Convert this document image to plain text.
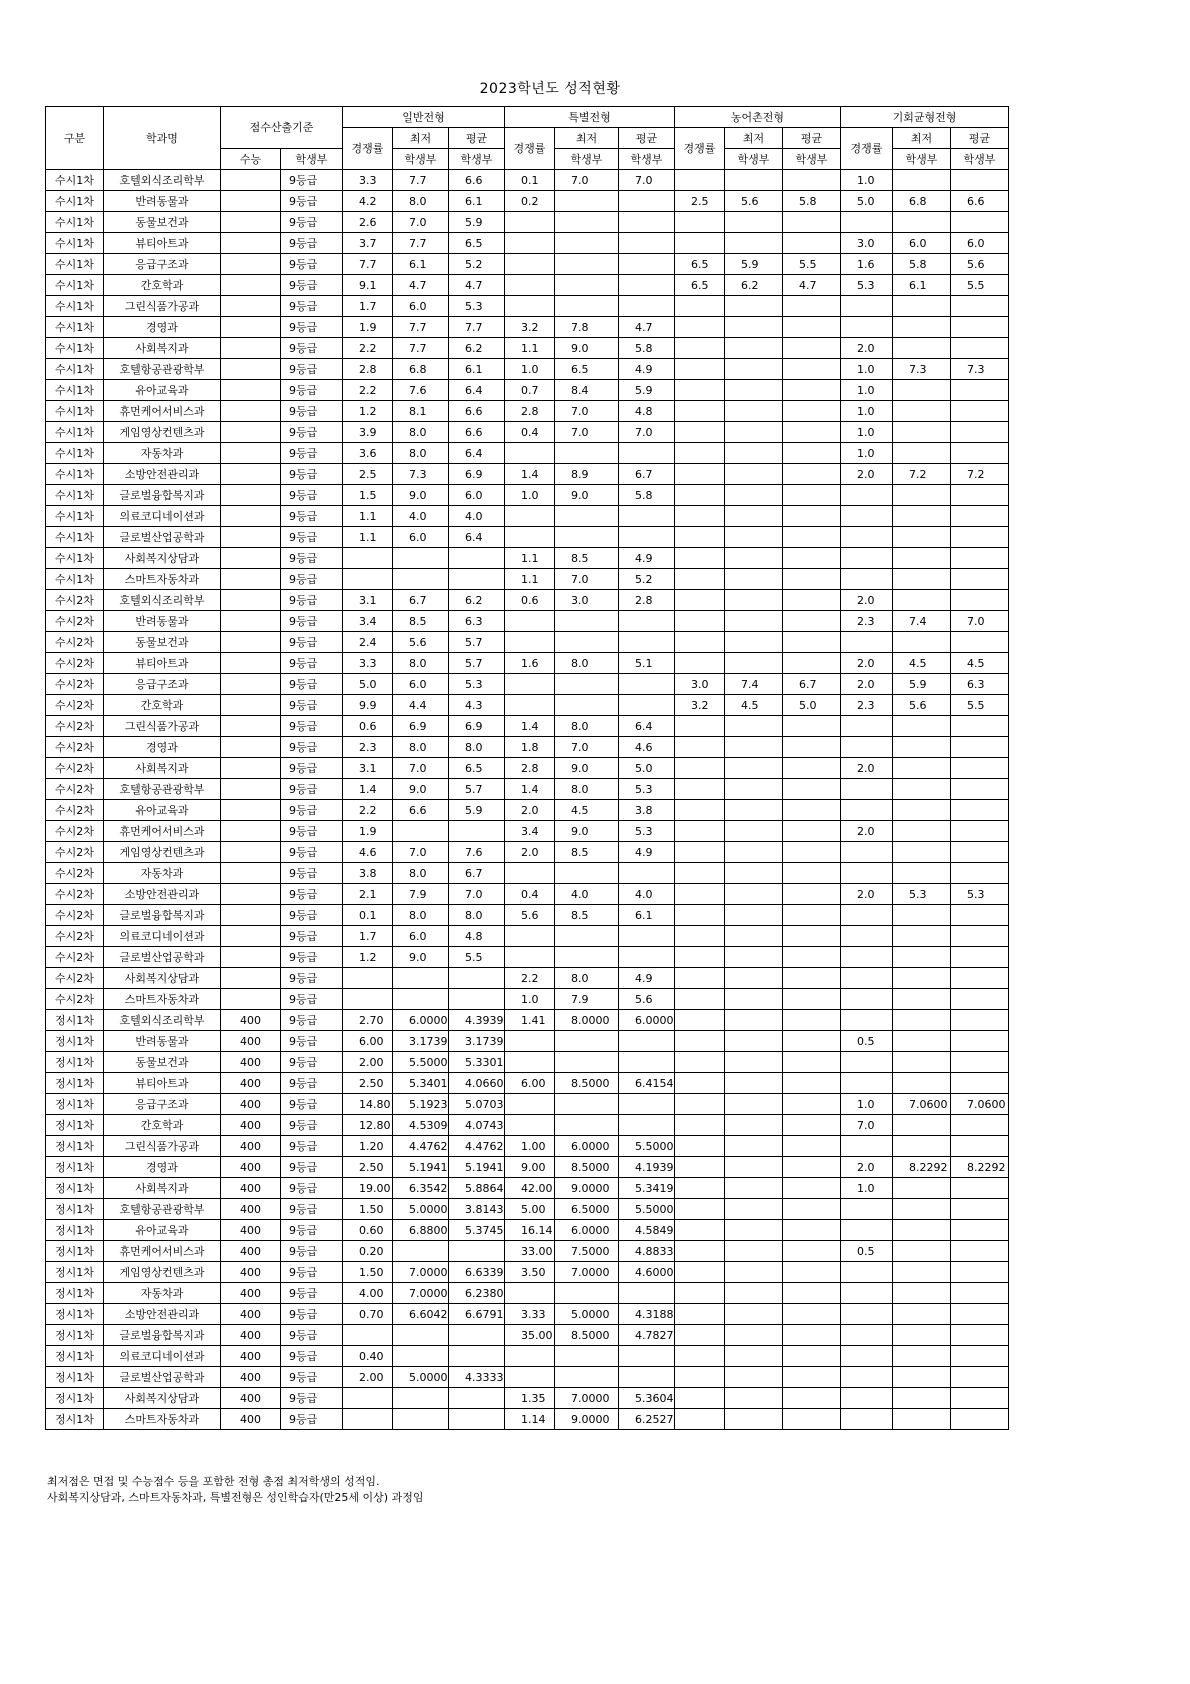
2023학년도 성적현황
구분	학과명	점수산출기준		일반전형			특별전형			농어촌전형			기회균형전형		
				경쟁률	최저	평균	경쟁률	최저	평균	경쟁률	최저	평균	경쟁률	최저	평균
		수능	학생부		학생부	학생부		학생부	학생부		학생부	학생부		학생부	학생부
수시1차	호텔외식조리학부		9등급	3.3	7.7	6.6	0.1	7.0	7.0				1.0		
수시1차	반려동물과		9등급	4.2	8.0	6.1	0.2			2.5	5.6	5.8	5.0	6.8	6.6
수시1차	동물보건과		9등급	2.6	7.0	5.9									
수시1차	뷰티아트과		9등급	3.7	7.7	6.5							3.0	6.0	6.0
수시1차	응급구조과		9등급	7.7	6.1	5.2				6.5	5.9	5.5	1.6	5.8	5.6
수시1차	간호학과		9등급	9.1	4.7	4.7				6.5	6.2	4.7	5.3	6.1	5.5
수시1차	그린식품가공과		9등급	1.7	6.0	5.3									
수시1차	경영과		9등급	1.9	7.7	7.7	3.2	7.8	4.7						
수시1차	사회복지과		9등급	2.2	7.7	6.2	1.1	9.0	5.8				2.0		
수시1차	호텔항공관광학부		9등급	2.8	6.8	6.1	1.0	6.5	4.9				1.0	7.3	7.3
수시1차	유아교육과		9등급	2.2	7.6	6.4	0.7	8.4	5.9				1.0		
수시1차	휴먼케어서비스과		9등급	1.2	8.1	6.6	2.8	7.0	4.8				1.0		
수시1차	게임영상컨텐츠과		9등급	3.9	8.0	6.6	0.4	7.0	7.0				1.0		
수시1차	자동차과		9등급	3.6	8.0	6.4							1.0		
수시1차	소방안전관리과		9등급	2.5	7.3	6.9	1.4	8.9	6.7				2.0	7.2	7.2
수시1차	글로벌융합복지과		9등급	1.5	9.0	6.0	1.0	9.0	5.8						
수시1차	의료코디네이션과		9등급	1.1	4.0	4.0									
수시1차	글로벌산업공학과		9등급	1.1	6.0	6.4									
수시1차	사회복지상담과		9등급				1.1	8.5	4.9						
수시1차	스마트자동차과		9등급				1.1	7.0	5.2						
수시2차	호텔외식조리학부		9등급	3.1	6.7	6.2	0.6	3.0	2.8				2.0		
수시2차	반려동물과		9등급	3.4	8.5	6.3							2.3	7.4	7.0
수시2차	동물보건과		9등급	2.4	5.6	5.7									
수시2차	뷰티아트과		9등급	3.3	8.0	5.7	1.6	8.0	5.1				2.0	4.5	4.5
수시2차	응급구조과		9등급	5.0	6.0	5.3				3.0	7.4	6.7	2.0	5.9	6.3
수시2차	간호학과		9등급	9.9	4.4	4.3				3.2	4.5	5.0	2.3	5.6	5.5
수시2차	그린식품가공과		9등급	0.6	6.9	6.9	1.4	8.0	6.4						
수시2차	경영과		9등급	2.3	8.0	8.0	1.8	7.0	4.6						
수시2차	사회복지과		9등급	3.1	7.0	6.5	2.8	9.0	5.0				2.0		
수시2차	호텔항공관광학부		9등급	1.4	9.0	5.7	1.4	8.0	5.3						
수시2차	유아교육과		9등급	2.2	6.6	5.9	2.0	4.5	3.8						
수시2차	휴먼케어서비스과		9등급	1.9			3.4	9.0	5.3				2.0		
수시2차	게임영상컨텐츠과		9등급	4.6	7.0	7.6	2.0	8.5	4.9						
수시2차	자동차과		9등급	3.8	8.0	6.7									
수시2차	소방안전관리과		9등급	2.1	7.9	7.0	0.4	4.0	4.0				2.0	5.3	5.3
수시2차	글로벌융합복지과		9등급	0.1	8.0	8.0	5.6	8.5	6.1						
수시2차	의료코디네이션과		9등급	1.7	6.0	4.8									
수시2차	글로벌산업공학과		9등급	1.2	9.0	5.5									
수시2차	사회복지상담과		9등급				2.2	8.0	4.9						
수시2차	스마트자동차과		9등급				1.0	7.9	5.6						
정시1차	호텔외식조리학부	400	9등급	2.70	6.0000	4.3939	1.41	8.0000	6.0000						
정시1차	반려동물과	400	9등급	6.00	3.1739	3.1739							0.5		
정시1차	동물보건과	400	9등급	2.00	5.5000	5.3301									
정시1차	뷰티아트과	400	9등급	2.50	5.3401	4.0660	6.00	8.5000	6.4154						
정시1차	응급구조과	400	9등급	14.80	5.1923	5.0703							1.0	7.0600	7.0600
정시1차	간호학과	400	9등급	12.80	4.5309	4.0743							7.0		
정시1차	그린식품가공과	400	9등급	1.20	4.4762	4.4762	1.00	6.0000	5.5000						
정시1차	경영과	400	9등급	2.50	5.1941	5.1941	9.00	8.5000	4.1939				2.0	8.2292	8.2292
정시1차	사회복지과	400	9등급	19.00	6.3542	5.8864	42.00	9.0000	5.3419				1.0		
정시1차	호텔항공관광학부	400	9등급	1.50	5.0000	3.8143	5.00	6.5000	5.5000						
정시1차	유아교육과	400	9등급	0.60	6.8800	5.3745	16.14	6.0000	4.5849						
정시1차	휴먼케어서비스과	400	9등급	0.20			33.00	7.5000	4.8833				0.5		
정시1차	게임영상컨텐츠과	400	9등급	1.50	7.0000	6.6339	3.50	7.0000	4.6000						
정시1차	자동차과	400	9등급	4.00	7.0000	6.2380									
정시1차	소방안전관리과	400	9등급	0.70	6.6042	6.6791	3.33	5.0000	4.3188						
정시1차	글로벌융합복지과	400	9등급				35.00	8.5000	4.7827						
정시1차	의료코디네이션과	400	9등급	0.40											
정시1차	글로벌산업공학과	400	9등급	2.00	5.0000	4.3333									
정시1차	사회복지상담과	400	9등급				1.35	7.0000	5.3604						
정시1차	스마트자동차과	400	9등급				1.14	9.0000	6.2527						
최저점은 면접 및 수능점수 등을 포함한 전형 총점 최저학생의 성적임.
사회복지상담과, 스마트자동차과, 특별전형은 성인학습자(만25세 이상) 과정임
